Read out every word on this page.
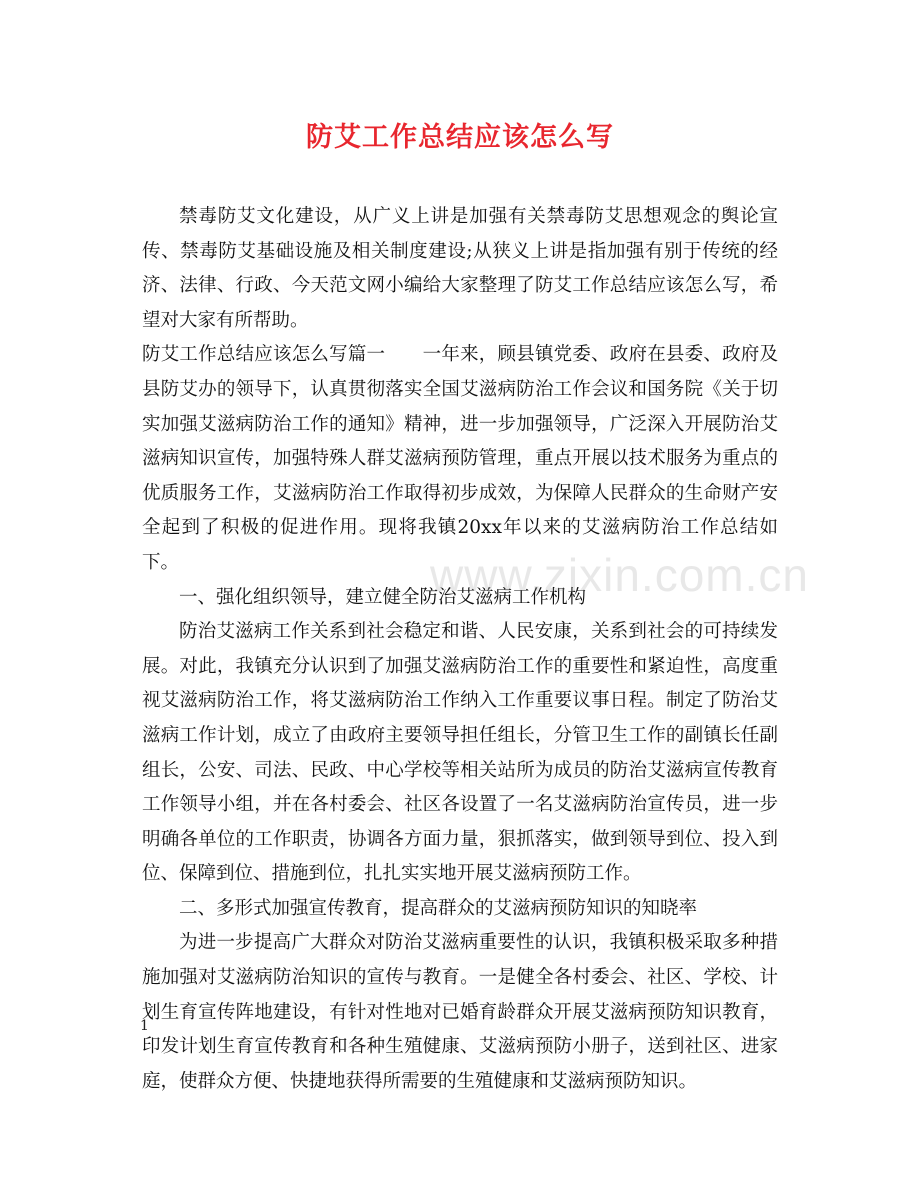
防艾工作总结应该怎么写

禁毒防艾文化建设，从广义上讲是加强有关禁毒防艾思想观念的舆论宣传、禁毒防艾基础设施及相关制度建设;从狭义上讲是指加强有别于传统的经济、法律、行政、今天范文网小编给大家整理了防艾工作总结应该怎么写，希望对大家有所帮助。

防艾工作总结应该怎么写篇一　　一年来，顾县镇党委、政府在县委、政府及县防艾办的领导下，认真贯彻落实全国艾滋病防治工作会议和国务院《关于切实加强艾滋病防治工作的通知》精神，进一步加强领导，广泛深入开展防治艾滋病知识宣传，加强特殊人群艾滋病预防管理，重点开展以技术服务为重点的优质服务工作，艾滋病防治工作取得初步成效，为保障人民群众的生命财产安全起到了积极的促进作用。现将我镇20xx年以来的艾滋病防治工作总结如下。

一、强化组织领导，建立健全防治艾滋病工作机构

防治艾滋病工作关系到社会稳定和谐、人民安康，关系到社会的可持续发展。对此，我镇充分认识到了加强艾滋病防治工作的重要性和紧迫性，高度重视艾滋病防治工作，将艾滋病防治工作纳入工作重要议事日程。制定了防治艾滋病工作计划，成立了由政府主要领导担任组长，分管卫生工作的副镇长任副组长，公安、司法、民政、中心学校等相关站所为成员的防治艾滋病宣传教育工作领导小组，并在各村委会、社区各设置了一名艾滋病防治宣传员，进一步明确各单位的工作职责，协调各方面力量，狠抓落实，做到领导到位、投入到位、保障到位、措施到位，扎扎实实地开展艾滋病预防工作。

二、多形式加强宣传教育，提高群众的艾滋病预防知识的知晓率

为进一步提高广大群众对防治艾滋病重要性的认识，我镇积极采取多种措施加强对艾滋病防治知识的宣传与教育。一是健全各村委会、社区、学校、计划生育宣传阵地建设，有针对性地对已婚育龄群众开展艾滋病预防知识教育，印发计划生育宣传教育和各种生殖健康、艾滋病预防小册子，送到社区、进家庭，使群众方便、快捷地获得所需要的生殖健康和艾滋病预防知识。

www.zixin.com.cn
1
